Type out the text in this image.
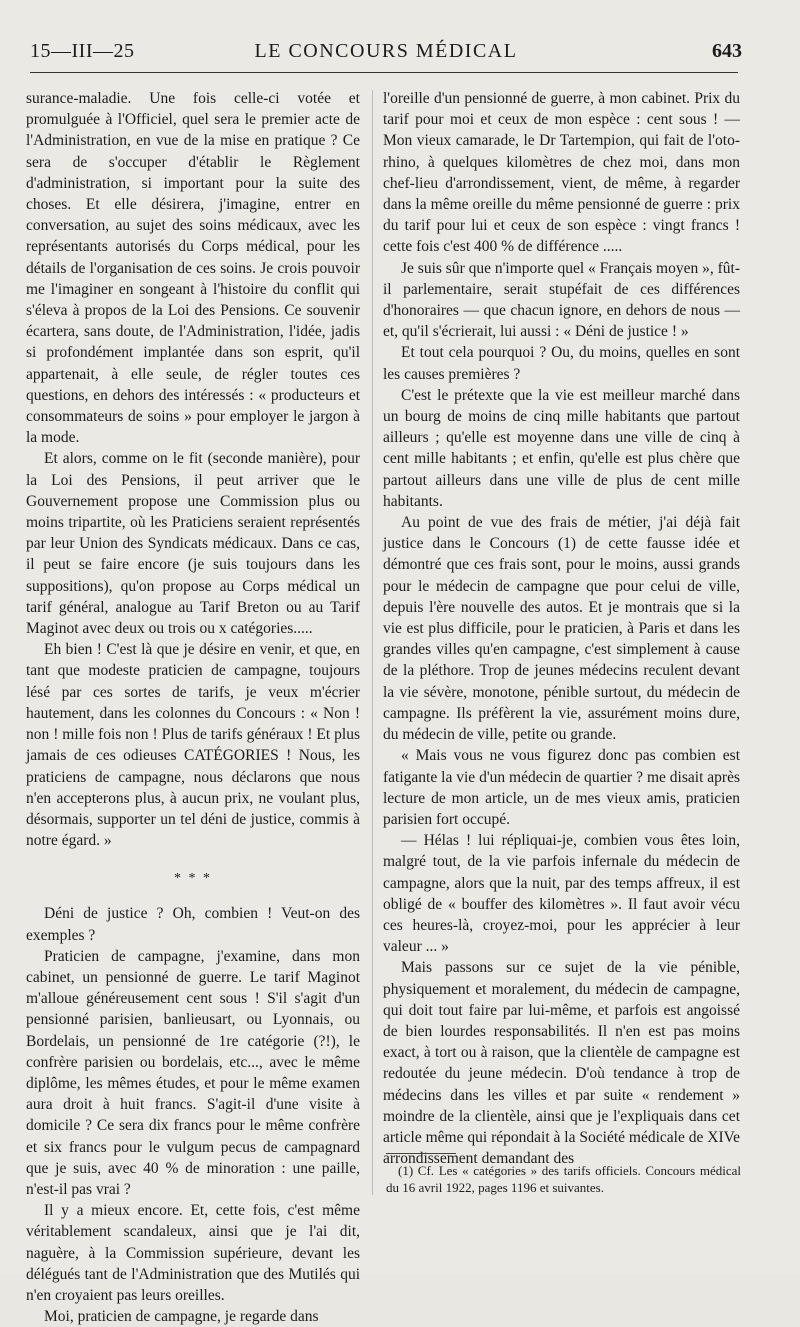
15—III—25	LE CONCOURS MÉDICAL	643

surance-maladie. Une fois celle-ci votée et promulguée à l'Officiel, quel sera le premier acte de l'Administration, en vue de la mise en pratique ? Ce sera de s'occuper d'établir le Règlement d'administration, si important pour la suite des choses. Et elle désirera, j'imagine, entrer en conversation, au sujet des soins médicaux, avec les représentants autorisés du Corps médical, pour les détails de l'organisation de ces soins. Je crois pouvoir me l'imaginer en songeant à l'histoire du conflit qui s'éleva à propos de la Loi des Pensions. Ce souvenir écartera, sans doute, de l'Administration, l'idée, jadis si profondément implantée dans son esprit, qu'il appartenait, à elle seule, de régler toutes ces questions, en dehors des intéressés : « producteurs et consommateurs de soins » pour employer le jargon à la mode.

Et alors, comme on le fit (seconde manière), pour la Loi des Pensions, il peut arriver que le Gouvernement propose une Commission plus ou moins tripartite, où les Praticiens seraient représentés par leur Union des Syndicats médicaux. Dans ce cas, il peut se faire encore (je suis toujours dans les suppositions), qu'on propose au Corps médical un tarif général, analogue au Tarif Breton ou au Tarif Maginot avec deux ou trois ou x catégories.....

Eh bien ! C'est là que je désire en venir, et que, en tant que modeste praticien de campagne, toujours lésé par ces sortes de tarifs, je veux m'écrier hautement, dans les colonnes du Concours : « Non ! non ! mille fois non ! Plus de tarifs généraux ! Et plus jamais de ces odieuses CATÉGORIES ! Nous, les praticiens de campagne, nous déclarons que nous n'en accepterons plus, à aucun prix, ne voulant plus, désormais, supporter un tel déni de justice, commis à notre égard. »

* * *

Déni de justice ? Oh, combien ! Veut-on des exemples ?

Praticien de campagne, j'examine, dans mon cabinet, un pensionné de guerre. Le tarif Maginot m'alloue généreusement cent sous ! S'il s'agit d'un pensionné parisien, banlieusart, ou Lyonnais, ou Bordelais, un pensionné de 1re catégorie (?!), le confrère parisien ou bordelais, etc..., avec le même diplôme, les mêmes études, et pour le même examen aura droit à huit francs. S'agit-il d'une visite à domicile ? Ce sera dix francs pour le même confrère et six francs pour le vulgum pecus de campagnard que je suis, avec 40 % de minoration : une paille, n'est-il pas vrai ?

Il y a mieux encore. Et, cette fois, c'est même véritablement scandaleux, ainsi que je l'ai dit, naguère, à la Commission supérieure, devant les délégués tant de l'Administration que des Mutilés qui n'en croyaient pas leurs oreilles.

Moi, praticien de campagne, je regarde dans

l'oreille d'un pensionné de guerre, à mon cabinet. Prix du tarif pour moi et ceux de mon espèce : cent sous ! — Mon vieux camarade, le Dr Tartempion, qui fait de l'oto-rhino, à quelques kilomètres de chez moi, dans mon chef-lieu d'arrondissement, vient, de même, à regarder dans la même oreille du même pensionné de guerre : prix du tarif pour lui et ceux de son espèce : vingt francs ! cette fois c'est 400 % de différence .....

Je suis sûr que n'importe quel « Français moyen », fût-il parlementaire, serait stupéfait de ces différences d'honoraires — que chacun ignore, en dehors de nous — et, qu'il s'écrierait, lui aussi : « Déni de justice ! »

Et tout cela pourquoi ? Ou, du moins, quelles en sont les causes premières ?

C'est le prétexte que la vie est meilleur marché dans un bourg de moins de cinq mille habitants que partout ailleurs ; qu'elle est moyenne dans une ville de cinq à cent mille habitants ; et enfin, qu'elle est plus chère que partout ailleurs dans une ville de plus de cent mille habitants.

Au point de vue des frais de métier, j'ai déjà fait justice dans le Concours (1) de cette fausse idée et démontré que ces frais sont, pour le moins, aussi grands pour le médecin de campagne que pour celui de ville, depuis l'ère nouvelle des autos. Et je montrais que si la vie est plus difficile, pour le praticien, à Paris et dans les grandes villes qu'en campagne, c'est simplement à cause de la pléthore. Trop de jeunes médecins reculent devant la vie sévère, monotone, pénible surtout, du médecin de campagne. Ils préfèrent la vie, assurément moins dure, du médecin de ville, petite ou grande.

« Mais vous ne vous figurez donc pas combien est fatigante la vie d'un médecin de quartier ? me disait après lecture de mon article, un de mes vieux amis, praticien parisien fort occupé.

— Hélas ! lui répliquai-je, combien vous êtes loin, malgré tout, de la vie parfois infernale du médecin de campagne, alors que la nuit, par des temps affreux, il est obligé de « bouffer des kilomètres ». Il faut avoir vécu ces heures-là, croyez-moi, pour les apprécier à leur valeur ... »

Mais passons sur ce sujet de la vie pénible, physiquement et moralement, du médecin de campagne, qui doit tout faire par lui-même, et parfois est angoissé de bien lourdes responsabilités. Il n'en est pas moins exact, à tort ou à raison, que la clientèle de campagne est redoutée du jeune médecin. D'où tendance à trop de médecins dans les villes et par suite « rendement » moindre de la clientèle, ainsi que je l'expliquais dans cet article même qui répondait à la Société médicale de XIVe arrondissement demandant des

(1) Cf. Les « catégories » des tarifs officiels. Concours médical du 16 avril 1922, pages 1196 et suivantes.
